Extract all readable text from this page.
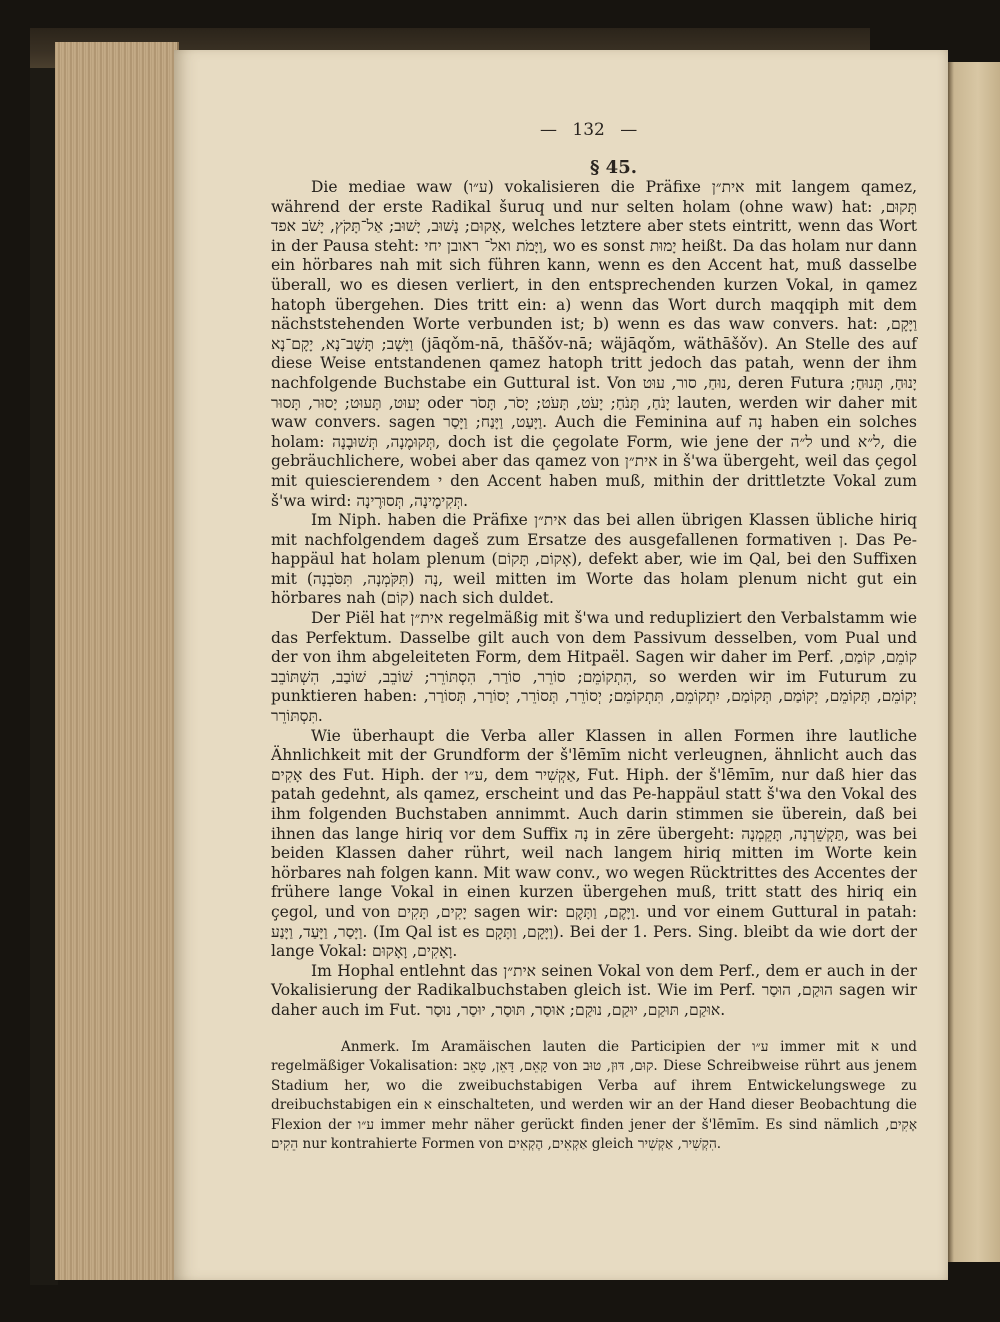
— 132 —
§ 45.

Die mediae waw (ע״ו) vokalisieren die Präfixe אית״ן mit langem qamez, während der erste Radikal šuruq und nur selten holam (ohne waw) hat: תָּקוּם, אָקוּם; נָשׁוּב, יָשׁוּב; אַל־תָּקֹץ, יָשֹׁב אפד, welches letztere aber stets eintritt, wenn das Wort in der Pausa steht: וַיָּמֹת ואל־ ראובן יחי, wo es sonst יָמוּת heißt. Da das holam nur dann ein hörbares nah mit sich führen kann, wenn es den Accent hat, muß dasselbe überall, wo es diesen verliert, in den entsprechenden kurzen Vokal, in qamez hatoph übergehen. Dies tritt ein: a) wenn das Wort durch maqqiph mit dem nächststehenden Worte verbunden ist; b) wenn es das waw convers. hat: וַיָּקָם, וַיָּשָׁב; תָּשָׁב־נָא, יָקָם־נָא (jāqǒm-nā, thāšǒv-nā; wäjāqǒm, wäthāšǒv). An Stelle des auf diese Weise entstandenen qamez hatoph tritt jedoch das patah, wenn der ihm nachfolgende Buchstabe ein Guttural ist. Von נוּחַ, סור, עוּט, deren Futura יָנוּחַ, תָּנוּחַ; יָעוּט, תָּעוּט; יָסוּר, תָּסוּר oder יָנֹחַ, תָּנֹחַ; יָעֹט, תָּעֹט; יָסֹר, תָּסֹר lauten, werden wir daher mit waw convers. sagen וַיָּעַט, וַיָּנַח; וַיָּסַר. Auch die Feminina auf נָה haben ein solches holam: תְּקוּמֶנָה, תְּשׁוּבֶנָה, doch ist die çegolate Form, wie jene der ל״ה und ל״א, die gebräuchlichere, wobei aber das qamez von אית״ן in š'wa übergeht, weil das çegol mit quiescierendem י den Accent haben muß, mithin der drittletzte Vokal zum š'wa wird: תְּקִימֶינָה, תְּסוּרֶינָה.

Im Niph. haben die Präfixe אית״ן das bei allen übrigen Klassen übliche hiriq mit nachfolgendem dageš zum Ersatze des ausgefallenen formativen ן. Das Pe-happäul hat holam plenum (אָקוֹם, תָּקוֹם), defekt aber, wie im Qal, bei den Suffixen mit נָה (תִּקֹּמְנָה, תִּסֹּבְנָה), weil mitten im Worte das holam plenum nicht gut ein hörbares nah (קוֹם) nach sich duldet.

Der Piël hat אית״ן regelmäßig mit š'wa und redupliziert den Verbalstamm wie das Perfektum. Dasselbe gilt auch von dem Passivum desselben, vom Pual und der von ihm abgeleiteten Form, dem Hitpaël. Sagen wir daher im Perf. קוֹמֵם, קוֹמַם, הִתְקוֹמֵם; סוֹרֵר, סוֹרַר, הִסְתּוֹרֵר; שׁוֹבֵב, שׁוֹבַב, הִשְׁתּוֹבֵב, so werden wir im Futurum zu punktieren haben: יְקוֹמֵם, תְּקוֹמֵם, יְקוֹמַם, תְּקוֹמַם, יִתְקוֹמֵם, תִּתְקוֹמֵם; יְסוֹרֵר, תְּסוֹרֵר, יְסוֹרַר, תְּסוֹרַר, תִּסְתּוֹרֵר.

Wie überhaupt die Verba aller Klassen in allen Formen ihre lautliche Ähnlichkeit mit der Grundform der š'lēmīm nicht verleugnen, ähnlicht auch das אָקִים des Fut. Hiph. der ע״ו, dem אַקְשִׁיר, Fut. Hiph. der š'lēmīm, nur daß hier das patah gedehnt, als qamez, erscheint und das Pe-happäul statt š'wa den Vokal des ihm folgenden Buchstaben annimmt. Auch darin stimmen sie überein, daß bei ihnen das lange hiriq vor dem Suffix נָה in zēre übergeht: תַּקְשֵׁרְנָה, תָּקֵמְנָה, was bei beiden Klassen daher rührt, weil nach langem hiriq mitten im Worte kein hörbares nah folgen kann. Mit waw conv., wo wegen Rücktrittes des Accentes der frühere lange Vokal in einen kurzen übergehen muß, tritt statt des hiriq ein çegol, und von יָקִים, תָּקִים sagen wir: וַיָּקֶם, וַתָּקֶם. und vor einem Guttural in patah: וַיָּסַר, וַיָּעַד, וַיָּנַע. (Im Qal ist es וַיָּקָם, וַתָּקָם). Bei der 1. Pers. Sing. bleibt da wie dort der lange Vokal: וָאָקִים, וָאָקוּם.

Im Hophal entlehnt das אית״ן seinen Vokal von dem Perf., dem er auch in der Vokalisierung der Radikalbuchstaben gleich ist. Wie im Perf. הוּקַם, הוּסַר sagen wir daher auch im Fut. אוּקַם, תּוּקַם, יוּקַם, נוּקַם; אוּסַר, תּוּסַר, יוּסַר, נוּסַר.

Anmerk. Im Aramäischen lauten die Participien der ע״ו immer mit א und regelmäßiger Vokalisation: קָאֵם, דָּאֵן, טָאֵב von קוּם, דּוּן, טוּב. Diese Schreibweise rührt aus jenem Stadium her, wo die zweibuchstabigen Verba auf ihrem Entwickelungswege zu dreibuchstabigen ein א einschalteten, und werden wir an der Hand dieser Beobachtung die Flexion der ע״ו immer mehr näher gerückt finden jener der š'lēmīm. Es sind nämlich אָקִים, הֵקִים nur kontrahierte Formen von אַקְאִים, הֶקְאִים gleich הִקְשִׁיר, אַקְשִׁיר.
